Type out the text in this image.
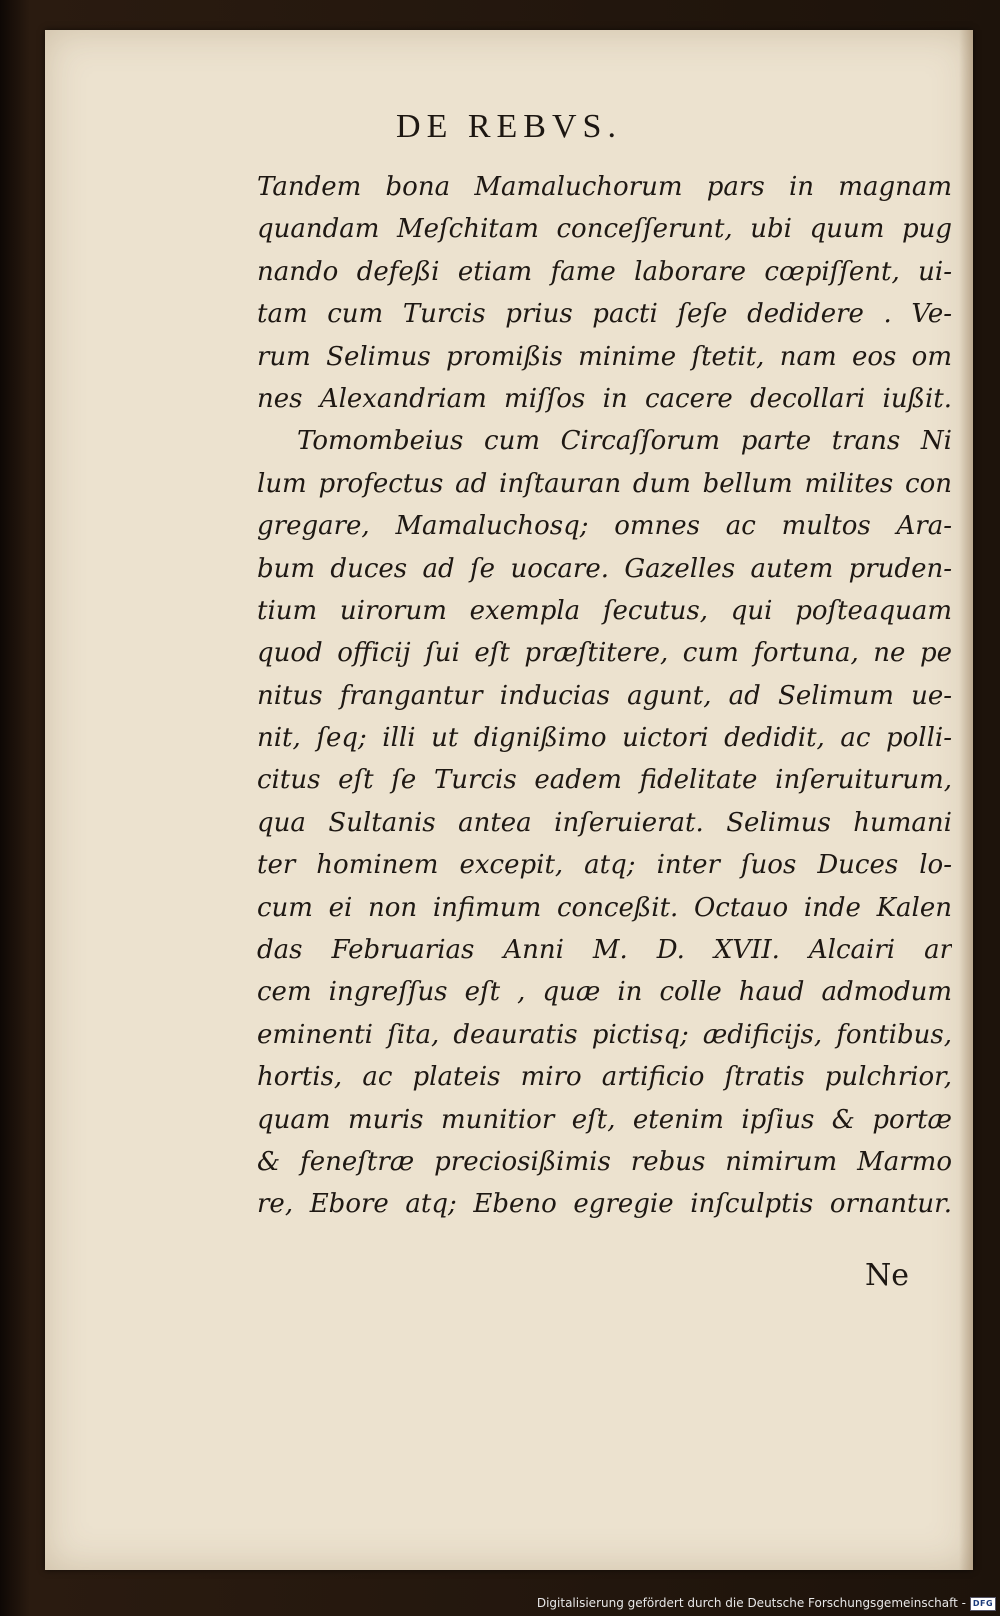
DE REBVS.
Tandem bona Mamaluchorum pars in magnam
quandam Meſchitam conceſſerunt, ubi quum pug
nando defeßi etiam fame laborare cœpiſſent, ui-
tam cum Turcis prius pacti ſeſe dedidere . Ve-
rum Selimus promißis minime ſtetit, nam eos om
nes Alexandriam miſſos in cacere decollari iußit.
Tomombeius cum Circaſſorum parte trans Ni
lum profectus ad inſtauran dum bellum milites con
gregare, Mamaluchosq; omnes ac multos Ara-
bum duces ad ſe uocare. Gazelles autem pruden-
tium uirorum exempla ſecutus, qui poſteaquam
quod officij ſui eſt præſtitere, cum fortuna, ne pe
nitus frangantur inducias agunt, ad Selimum ue-
nit, ſeq; illi ut dignißimo uictori dedidit, ac polli-
citus eſt ſe Turcis eadem fidelitate inſeruiturum,
qua Sultanis antea inſeruierat. Selimus humani
ter hominem excepit, atq; inter ſuos Duces lo-
cum ei non infimum conceßit. Octauo inde Kalen
das Februarias Anni M. D. XVII. Alcairi ar
cem ingreſſus eſt , quæ in colle haud admodum
eminenti ſita, deauratis pictisq; ædificijs, fontibus,
hortis, ac plateis miro artificio ſtratis pulchrior,
quam muris munitior eſt, etenim ipſius & portæ
& feneſtræ preciosißimis rebus nimirum Marmo
re, Ebore atq; Ebeno egregie inſculptis ornantur.
Ne
Digitalisierung gefördert durch die Deutsche Forschungsgemeinschaft - DFG
